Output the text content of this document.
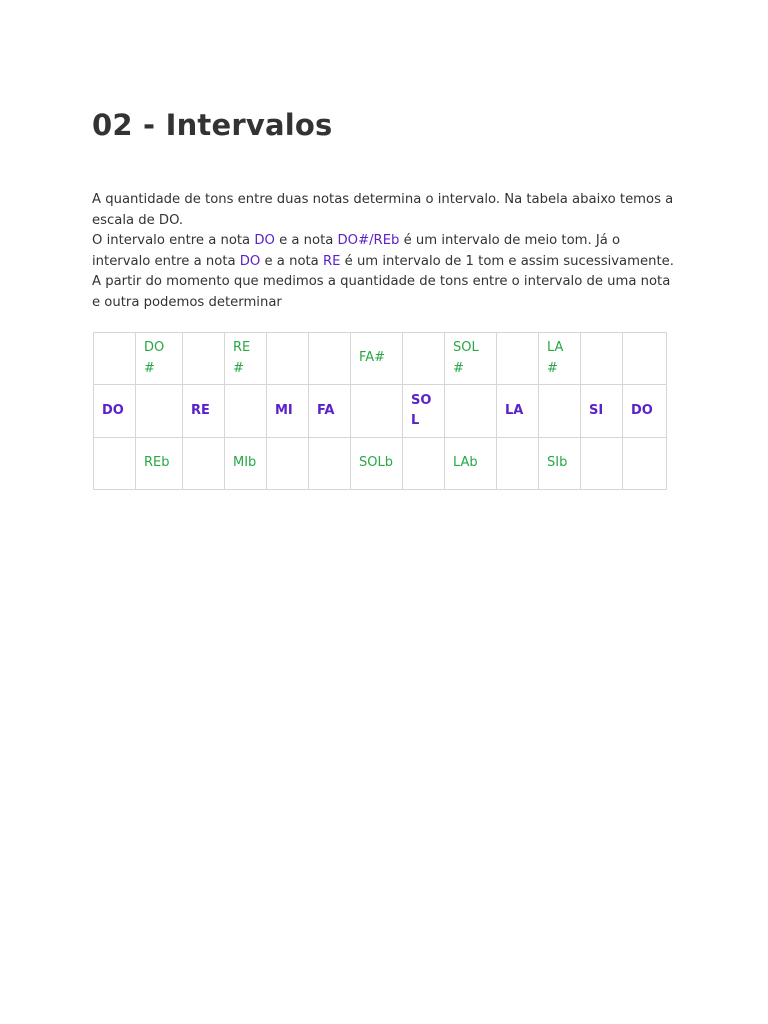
02 - Intervalos

A quantidade de tons entre duas notas determina o intervalo. Na tabela abaixo temos a escala de DO.

O intervalo entre a nota DO e a nota DO#/REb é um intervalo de meio tom. Já o intervalo entre a nota DO e a nota RE é um intervalo de 1 tom e assim sucessivamente.

A partir do momento que medimos a quantidade de tons entre o intervalo de uma nota e outra podemos determinar

	DO#		RE#			FA#		SOL#		LA#		
DO		RE		MI	FA		SOL		LA		SI	DO
	REb		MIb			SOLb		LAb		SIb		
